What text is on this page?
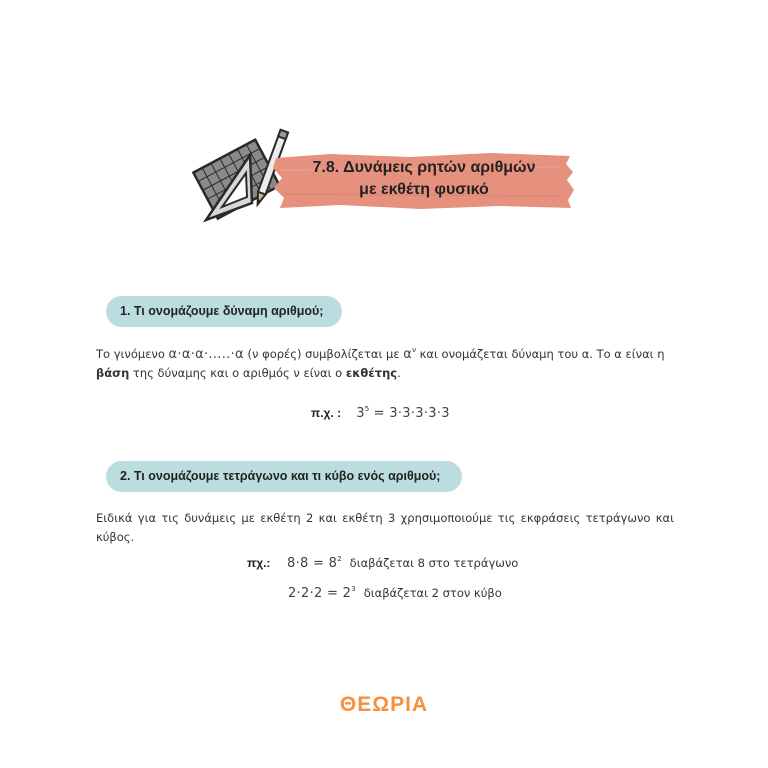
7.8. Δυνάμεις ρητών αριθμών
με εκθέτη φυσικό
1. Τι ονομάζουμε δύναμη αριθμού;
Το γινόμενο α·α·α·.....·α (ν φορές) συμβολίζεται με $\alpha^\nu$ και ονομάζεται δύναμη του α. Το α είναι η βάση της δύναμης και ο αριθμός ν είναι ο εκθέτης.
π.χ. : $3^5 = 3\cdot 3\cdot 3\cdot 3\cdot 3$
2. Τι ονομάζουμε τετράγωνο και τι κύβο ενός αριθμού;
Ειδικά για τις δυνάμεις με εκθέτη 2 και εκθέτη 3 χρησιμοποιούμε τις εκφράσεις τετράγωνο και κύβος.
πχ.: $8\cdot 8 = 8^2$ διαβάζεται 8 στο τετράγωνο
$2\cdot 2\cdot 2 = 2^3$ διαβάζεται 2 στον κύβο
ΘΕΩΡΙΑ
